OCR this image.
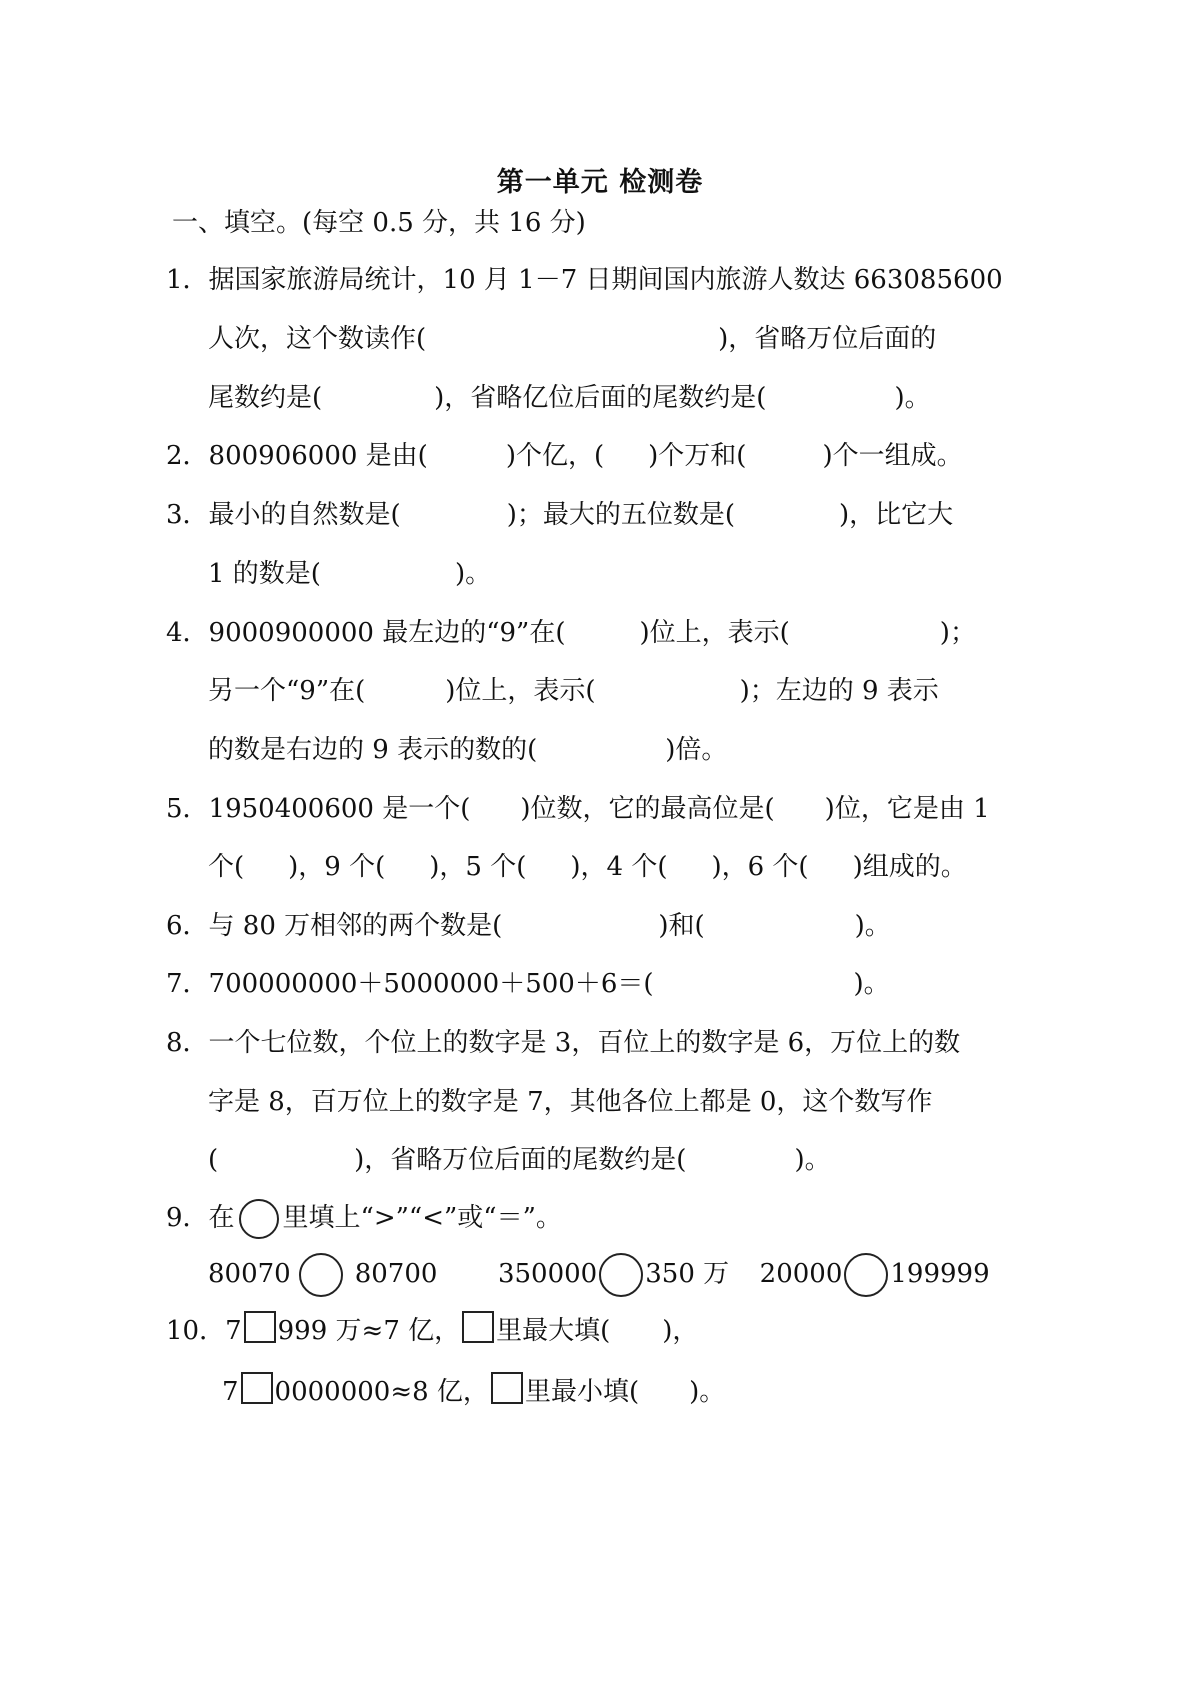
第一单元 检测卷
一、填空。(每空 0.5 分，共 16 分)
1．据国家旅游局统计，10 月 1－7 日期间国内旅游人数达 663085600
人次，这个数读作(	)，省略万位后面的
尾数约是(	)，省略亿位后面的尾数约是(	)。
2．800906000 是由(	)个亿，( )个万和(	)个一组成。
3．最小的自然数是(	)；最大的五位数是(	)，比它大
1 的数是(	)。
4．9000900000 最左边的“9”在(	)位上，表示(	)；
另一个“9”在(	)位上，表示(	)；左边的 9 表示
的数是右边的 9 表示的数的(	)倍。
5．1950400600 是一个( )位数，它的最高位是( )位，它是由 1
个( )，9 个( )，5 个( )，4 个( )，6 个( )组成的。
6．与 80 万相邻的两个数是(	)和(	)。
7．700000000＋5000000＋500＋6＝(	)。
8．一个七位数，个位上的数字是 3，百位上的数字是 6，万位上的数
字是 8，百万位上的数字是 7，其他各位上都是 0，这个数写作
(	)，省略万位后面的尾数约是(	)。
9．在 里填上“>”“<”或“＝”。
80070 80700 350000 350 万 20000 199999
10．7 999 万≈7 亿， 里最大填( )，
7 0000000≈8 亿， 里最小填( )。
